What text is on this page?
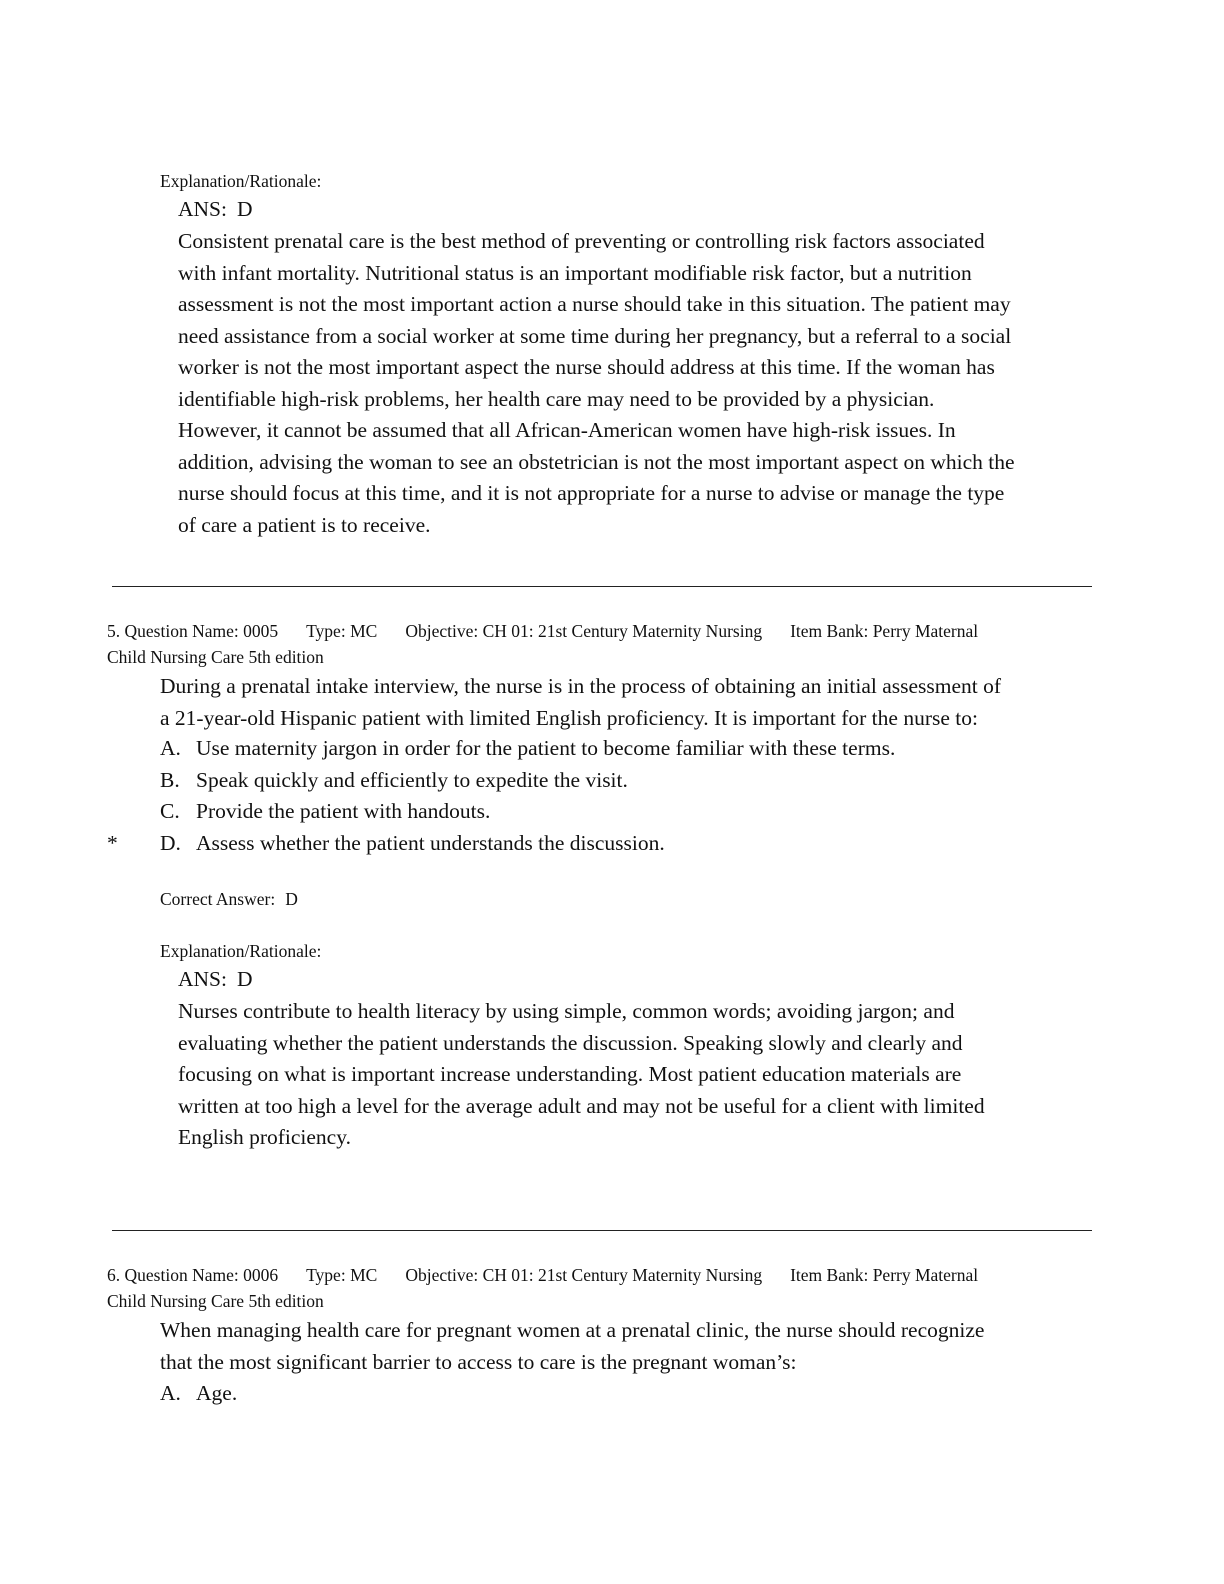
Explanation/Rationale:
ANS: D
Consistent prenatal care is the best method of preventing or controlling risk factors associated
with infant mortality. Nutritional status is an important modifiable risk factor, but a nutrition
assessment is not the most important action a nurse should take in this situation. The patient may
need assistance from a social worker at some time during her pregnancy, but a referral to a social
worker is not the most important aspect the nurse should address at this time. If the woman has
identifiable high-risk problems, her health care may need to be provided by a physician.
However, it cannot be assumed that all African-American women have high-risk issues. In
addition, advising the woman to see an obstetrician is not the most important aspect on which the
nurse should focus at this time, and it is not appropriate for a nurse to advise or manage the type
of care a patient is to receive.
5. Question Name: 0005 Type: MC Objective: CH 01: 21st Century Maternity Nursing Item Bank: Perry Maternal
Child Nursing Care 5th edition
During a prenatal intake interview, the nurse is in the process of obtaining an initial assessment of
a 21-year-old Hispanic patient with limited English proficiency. It is important for the nurse to:
A. Use maternity jargon in order for the patient to become familiar with these terms.
B. Speak quickly and efficiently to expedite the visit.
C. Provide the patient with handouts.
* D. Assess whether the patient understands the discussion.
Correct Answer: D
Explanation/Rationale:
ANS: D
Nurses contribute to health literacy by using simple, common words; avoiding jargon; and
evaluating whether the patient understands the discussion. Speaking slowly and clearly and
focusing on what is important increase understanding. Most patient education materials are
written at too high a level for the average adult and may not be useful for a client with limited
English proficiency.
6. Question Name: 0006 Type: MC Objective: CH 01: 21st Century Maternity Nursing Item Bank: Perry Maternal
Child Nursing Care 5th edition
When managing health care for pregnant women at a prenatal clinic, the nurse should recognize
that the most significant barrier to access to care is the pregnant woman’s:
A. Age.
